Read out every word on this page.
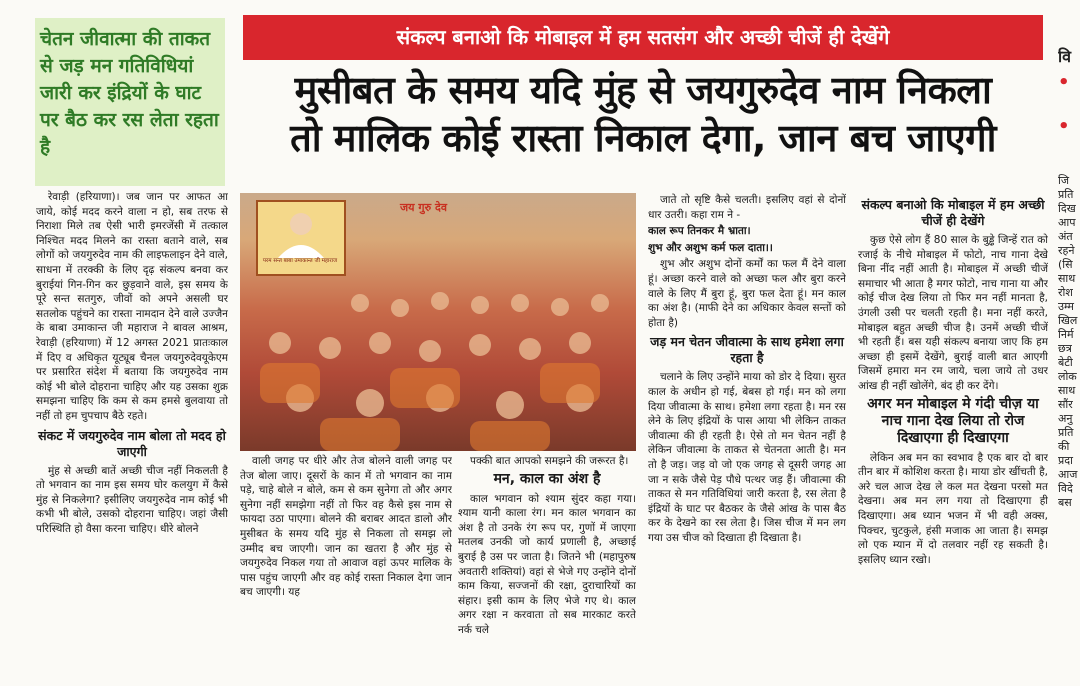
चेतन जीवात्मा की ताकत से जड़ मन गतिविधियां जारी कर इंद्रियों के घाट पर बैठ कर रस लेता रहता है
संकल्प बनाओ कि मोबाइल में हम सतसंग और अच्छी चीजें ही देखेंगे
मुसीबत के समय यदि मुंह से जयगुरुदेव नाम निकला
तो मालिक कोई रास्ता निकाल देगा, जान बच जाएगी

रेवाड़ी (हरियाणा)। जब जान पर आफत आ जाये, कोई मदद करने वाला न हो, सब तरफ से निराशा मिले तब ऐसी भारी इमरजेंसी में तत्काल निश्चित मदद मिलने का रास्ता बताने वाले, सब लोगों को जयगुरुदेव नाम की लाइफलाइन देने वाले, साधना में तरक्की के लिए दृढ़ संकल्प बनवा कर बुराईयां गिन-गिन कर छुड़वाने वाले, इस समय के पूरे सन्त सतगुरु, जीवों को अपने असली घर सतलोक पहुंचने का रास्ता नामदान देने वाले उज्जैन के बाबा उमाकान्त जी महाराज ने बावल आश्रम, रेवाड़ी (हरियाणा) में 12 अगस्त 2021 प्रातःकाल में दिए व अधिकृत यूट्यूब चैनल जयगुरुदेवयूकेएम पर प्रसारित संदेश में बताया कि जयगुरुदेव नाम कोई भी बोले दोहराना चाहिए और यह उसका शुक्र समझना चाहिए कि कम से कम हमसे बुलवाया तो नहीं तो हम चुपचाप बैठे रहते।

संकट में जयगुरुदेव नाम बोला तो मदद हो जाएगी

मुंह से अच्छी बातें अच्छी चीज नहीं निकलती है तो भगवान का नाम इस समय घोर कलयुग में कैसे मुंह से निकलेगा? इसीलिए जयगुरुदेव नाम कोई भी कभी भी बोले, उसको दोहराना चाहिए। जहां जैसी परिस्थिति हो वैसा करना चाहिए। धीरे बोलने

परम सन्त बाबा उमाकान्त जी महाराज
जय गुरु देव

वाली जगह पर धीरे और तेज बोलने वाली जगह पर तेज बोला जाए। दूसरों के कान में तो भगवान का नाम पड़े, चाहे बोले न बोले, कम से कम सुनेगा तो और अगर सुनेगा नहीं समझेगा नहीं तो फिर वह कैसे इस नाम से फायदा उठा पाएगा। बोलने की बराबर आदत डालो और मुसीबत के समय यदि मुंह से निकला तो समझ लो उम्मीद बच जाएगी। जान का खतरा है और मुंह से जयगुरुदेव निकल गया तो आवाज वहां ऊपर मालिक के पास पहुंच जाएगी और वह कोई रास्ता निकाल देगा जान बच जाएगी। यह

पक्की बात आपको समझने की जरूरत है।

मन, काल का अंश है

काल भगवान को श्याम सुंदर कहा गया। श्याम यानी काला रंग। मन काल भगवान का अंश है तो उनके रंग रूप पर, गुणों में जाएगा मतलब उनकी जो कार्य प्रणाली है, अच्छाई बुराई है उस पर जाता है। जितने भी (महापुरुष अवतारी शक्तियां) वहां से भेजे गए उन्होंने दोनों काम किया, सज्जनों की रक्षा, दुराचारियों का संहार। इसी काम के लिए भेजे गए थे। काल अगर रक्षा न करवाता तो सब मारकाट करते नर्क चले

जाते तो सृष्टि कैसे चलती। इसलिए वहां से दोनों धार उतरी। कहा राम ने -

काल रूप तिनकर मै भ्राता।

शुभ और अशुभ कर्म फल दाता।।

शुभ और अशुभ दोनों कर्मों का फल मैं देने वाला हूं। अच्छा करने वाले को अच्छा फल और बुरा करने वाले के लिए मैं बुरा हूं, बुरा फल देता हूं। मन काल का अंश है। (माफी देने का अधिकार केवल सन्तों को होता है)

जड़ मन चेतन जीवात्मा के साथ हमेशा लगा रहता है

चलाने के लिए उन्होंने माया को डोर दे दिया। सुरत काल के अधीन हो गई, बेबस हो गई। मन को लगा दिया जीवात्मा के साथ। हमेशा लगा रहता है। मन रस लेने के लिए इंद्रियों के पास आया भी लेकिन ताकत जीवात्मा की ही रहती है। ऐसे तो मन चेतन नहीं है लेकिन जीवात्मा के ताकत से चेतनता आती है। मन तो है जड़। जड़ वो जो एक जगह से दूसरी जगह आ जा न सके जैसे पेड़ पौधे पत्थर जड़ हैं। जीवात्मा की ताकत से मन गतिविधियां जारी करता है, रस लेता है इंद्रियों के घाट पर बैठकर के जैसे आंख के पास बैठ कर के देखने का रस लेता है। जिस चीज में मन लग गया उस चीज को दिखाता ही दिखाता है।

संकल्प बनाओ कि मोबाइल में हम अच्छी चीजें ही देखेंगे

कुछ ऐसे लोग हैं 80 साल के बुड्ढे जिन्हें रात को रजाई के नीचे मोबाइल में फोटो, नाच गाना देखे बिना नींद नहीं आती है। मोबाइल में अच्छी चीजें समाचार भी आता है मगर फोटो, नाच गाना या और कोई चीज देख लिया तो फिर मन नहीं मानता है, उंगली उसी पर चलती रहती है। मना नहीं करते, मोबाइल बहुत अच्छी चीज है। उनमें अच्छी चीजें भी रहती हैं। बस यही संकल्प बनाया जाए कि हम अच्छा ही इसमें देखेंगे, बुराई वाली बात आएगी जिसमें हमारा मन रम जाये, चला जाये तो उधर आंख ही नहीं खोलेंगे, बंद ही कर देंगे।

अगर मन मोबाइल मे गंदी चीज़ या नाच गाना देख लिया तो रोज दिखाएगा ही दिखाएगा

लेकिन अब मन का स्वभाव है एक बार दो बार तीन बार में कोशिश करता है। माया डोर खींचती है, अरे चल आज देख ले कल मत देखना परसो मत देखना। अब मन लग गया तो दिखाएगा ही दिखाएगा। अब ध्यान भजन में भी वही अक्स, पिक्चर, चुटकुले, हंसी मजाक आ जाता है। समझ लो एक म्यान में दो तलवार नहीं रह सकती है। इसलिए ध्यान रखो।

वि
•
•
जि
प्रति
दिख
आप
अंत
रहने
(सि
साथ
रोश
उम्म
खिल
निर्म
छत्र
बेटी
लोक
साथ
सौंर
अनु
प्रति
की
प्रदा
आज
विदे
बस
